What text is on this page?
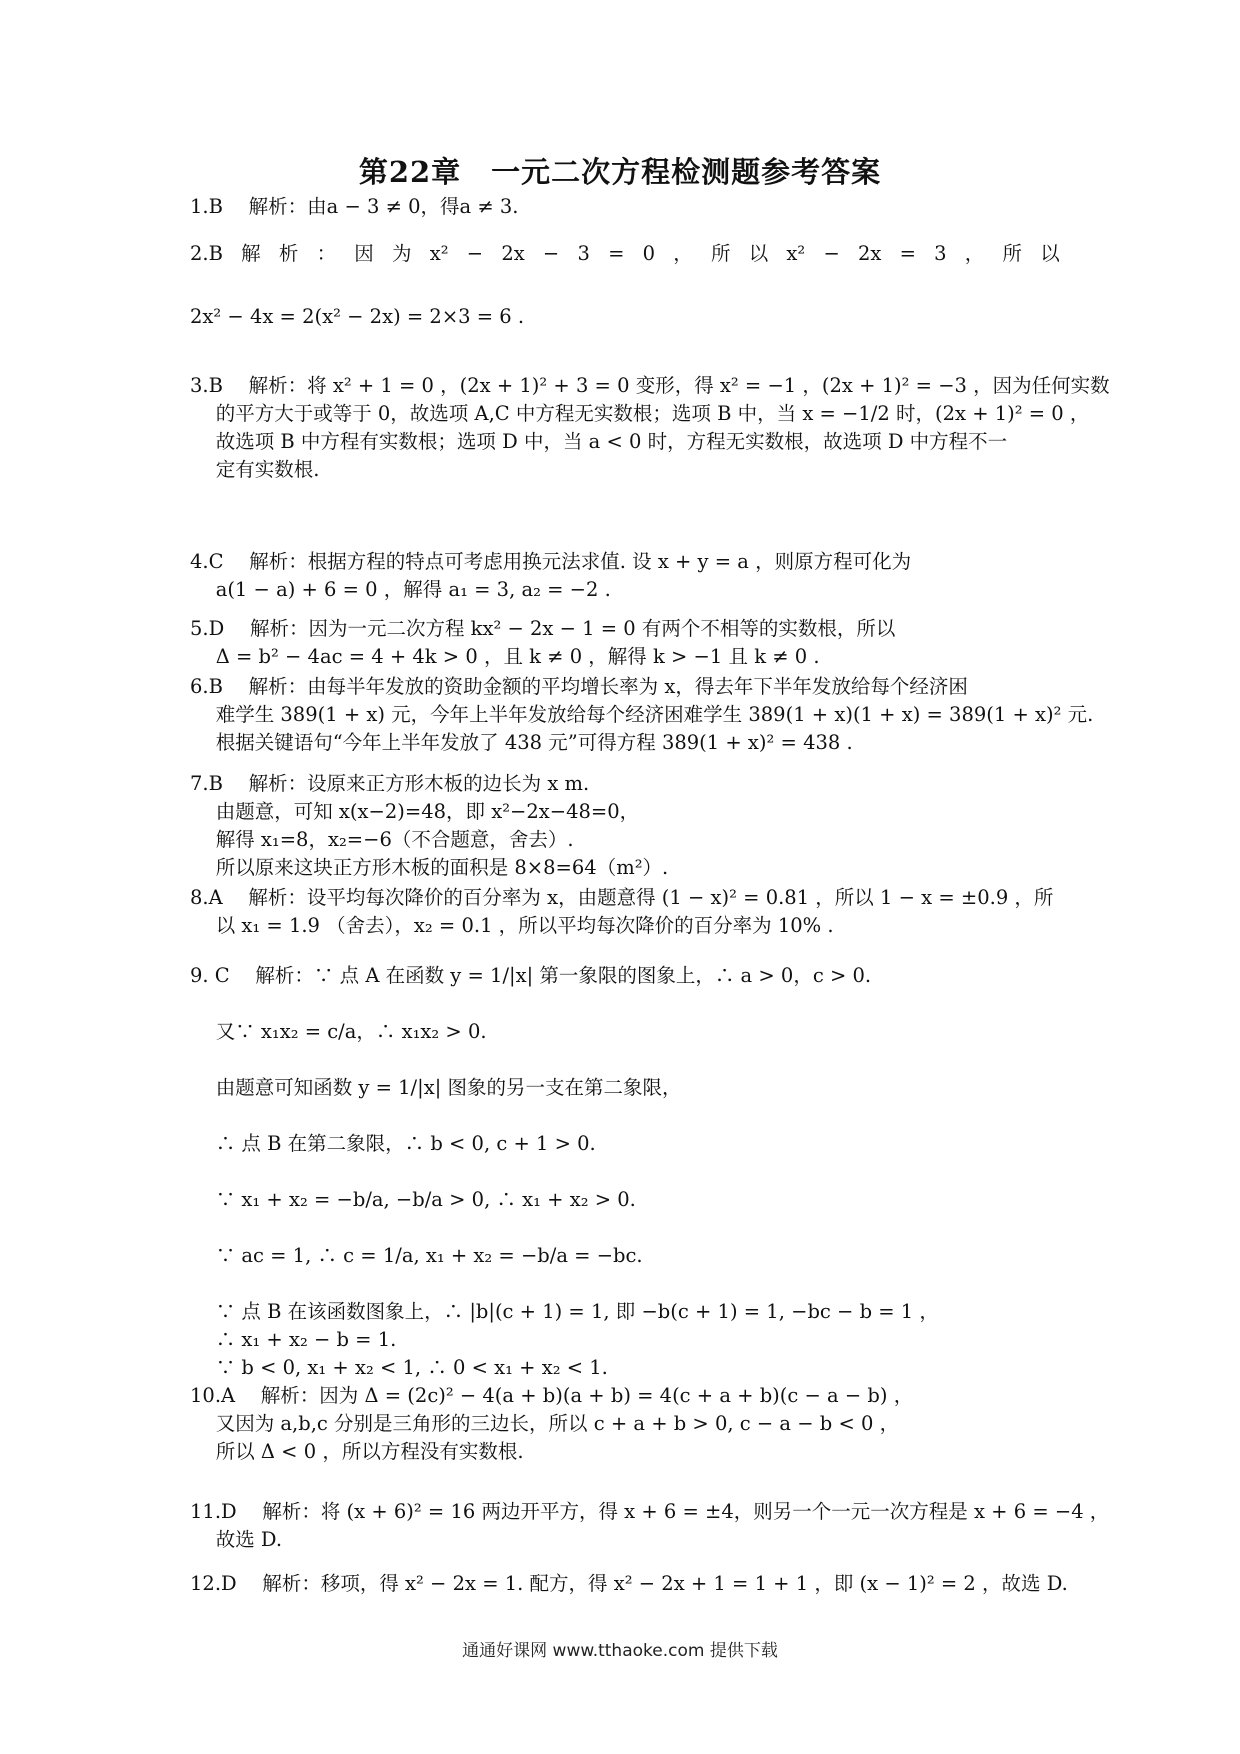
第22章　一元二次方程检测题参考答案
1.B　 解析：由a − 3 ≠ 0，得a ≠ 3.
2.B 解 析 ： 因 为 x² − 2x − 3 = 0 ， 所 以 x² − 2x = 3 ， 所 以
2x² − 4x = 2(x² − 2x) = 2×3 = 6 .
3.B　 解析：将 x² + 1 = 0 ，(2x + 1)² + 3 = 0 变形，得 x² = −1 ，(2x + 1)² = −3 ，因为任何实数
　 的平方大于或等于 0，故选项 A,C 中方程无实数根；选项 B 中，当 x = −1/2 时，(2x + 1)² = 0 ，
　 故选项 B 中方程有实数根；选项 D 中，当 a < 0 时，方程无实数根，故选项 D 中方程不一
　 定有实数根.
4.C　 解析：根据方程的特点可考虑用换元法求值. 设 x + y = a ，则原方程可化为
　 a(1 − a) + 6 = 0 ，解得 a₁ = 3, a₂ = −2 .
5.D　 解析：因为一元二次方程 kx² − 2x − 1 = 0 有两个不相等的实数根，所以
　 Δ = b² − 4ac = 4 + 4k > 0 ，且 k ≠ 0 ，解得 k > −1 且 k ≠ 0 .
6.B　 解析：由每半年发放的资助金额的平均增长率为 x，得去年下半年发放给每个经济困
　 难学生 389(1 + x) 元，今年上半年发放给每个经济困难学生 389(1 + x)(1 + x) = 389(1 + x)² 元.
　 根据关键语句“今年上半年发放了 438 元”可得方程 389(1 + x)² = 438 .
7.B　 解析：设原来正方形木板的边长为 x m.
　 由题意，可知 x(x−2)=48，即 x²−2x−48=0，
　 解得 x₁=8，x₂=−6（不合题意，舍去）.
　 所以原来这块正方形木板的面积是 8×8=64（m²）.
8.A　 解析：设平均每次降价的百分率为 x，由题意得 (1 − x)² = 0.81 ，所以 1 − x = ±0.9 ，所
　 以 x₁ = 1.9 （舍去），x₂ = 0.1 ，所以平均每次降价的百分率为 10% .
9. C　 解析：∵ 点 A 在函数 y = 1/|x| 第一象限的图象上，∴ a > 0，c > 0.
　 又∵ x₁x₂ = c/a，∴ x₁x₂ > 0.
　 由题意可知函数 y = 1/|x| 图象的另一支在第二象限，
　 ∴ 点 B 在第二象限，∴ b < 0, c + 1 > 0.
　 ∵ x₁ + x₂ = −b/a, −b/a > 0, ∴ x₁ + x₂ > 0.
　 ∵ ac = 1, ∴ c = 1/a, x₁ + x₂ = −b/a = −bc.
　 ∵ 点 B 在该函数图象上，∴ |b|(c + 1) = 1, 即 −b(c + 1) = 1, −bc − b = 1 ，
　 ∴ x₁ + x₂ − b = 1.
　 ∵ b < 0, x₁ + x₂ < 1, ∴ 0 < x₁ + x₂ < 1.
10.A　 解析：因为 Δ = (2c)² − 4(a + b)(a + b) = 4(c + a + b)(c − a − b) ，
　 又因为 a,b,c 分别是三角形的三边长，所以 c + a + b > 0, c − a − b < 0 ，
　 所以 Δ < 0 ，所以方程没有实数根.
11.D　 解析：将 (x + 6)² = 16 两边开平方，得 x + 6 = ±4，则另一个一元一次方程是 x + 6 = −4 ，
　 故选 D.
12.D　 解析：移项，得 x² − 2x = 1. 配方，得 x² − 2x + 1 = 1 + 1 ，即 (x − 1)² = 2 ，故选 D.
通通好课网 www.tthaoke.com 提供下载
